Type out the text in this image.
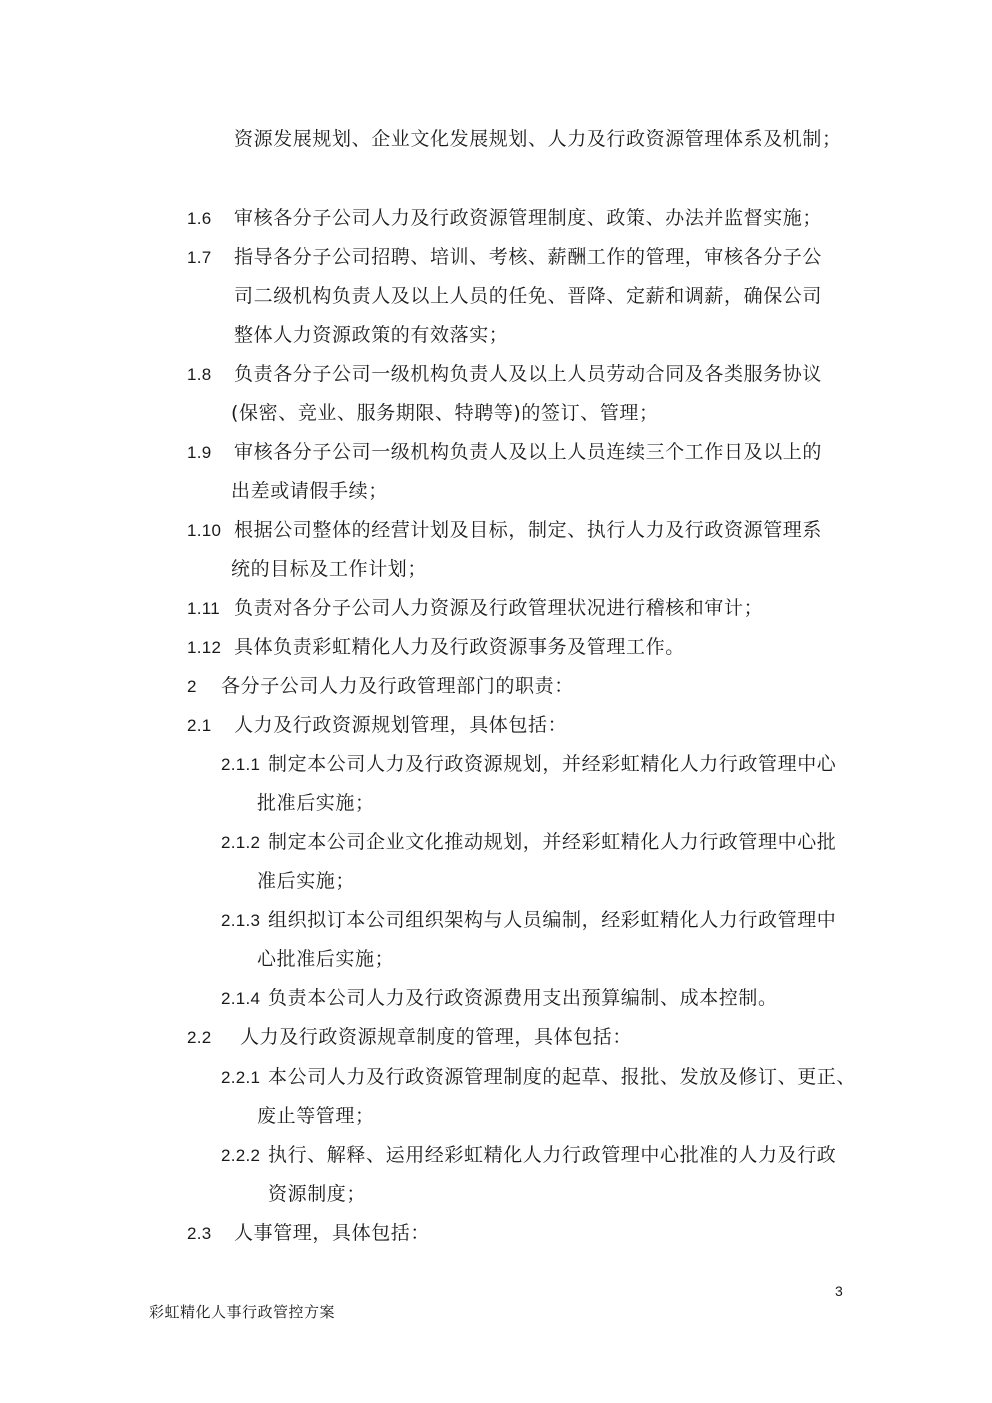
资源发展规划、企业文化发展规划、人力及行政资源管理体系及机制；
1.6 审核各分子公司人力及行政资源管理制度、政策、办法并监督实施；
1.7 指导各分子公司招聘、培训、考核、薪酬工作的管理，审核各分子公
司二级机构负责人及以上人员的任免、晋降、定薪和调薪，确保公司
整体人力资源政策的有效落实；
1.8 负责各分子公司一级机构负责人及以上人员劳动合同及各类服务协议
(保密、竞业、服务期限、特聘等)的签订、管理；
1.9 审核各分子公司一级机构负责人及以上人员连续三个工作日及以上的
出差或请假手续；
1.10 根据公司整体的经营计划及目标，制定、执行人力及行政资源管理系
统的目标及工作计划；
1.11 负责对各分子公司人力资源及行政管理状况进行稽核和审计；
1.12 具体负责彩虹精化人力及行政资源事务及管理工作。
2 各分子公司人力及行政管理部门的职责：
2.1 人力及行政资源规划管理，具体包括：
2.1.1 制定本公司人力及行政资源规划，并经彩虹精化人力行政管理中心
批准后实施；
2.1.2 制定本公司企业文化推动规划，并经彩虹精化人力行政管理中心批
准后实施；
2.1.3 组织拟订本公司组织架构与人员编制，经彩虹精化人力行政管理中
心批准后实施；
2.1.4 负责本公司人力及行政资源费用支出预算编制、成本控制。
2.2 人力及行政资源规章制度的管理，具体包括：
2.2.1 本公司人力及行政资源管理制度的起草、报批、发放及修订、更正、
废止等管理；
2.2.2 执行、解释、运用经彩虹精化人力行政管理中心批准的人力及行政
资源制度；
2.3 人事管理，具体包括：
3
彩虹精化人事行政管控方案
